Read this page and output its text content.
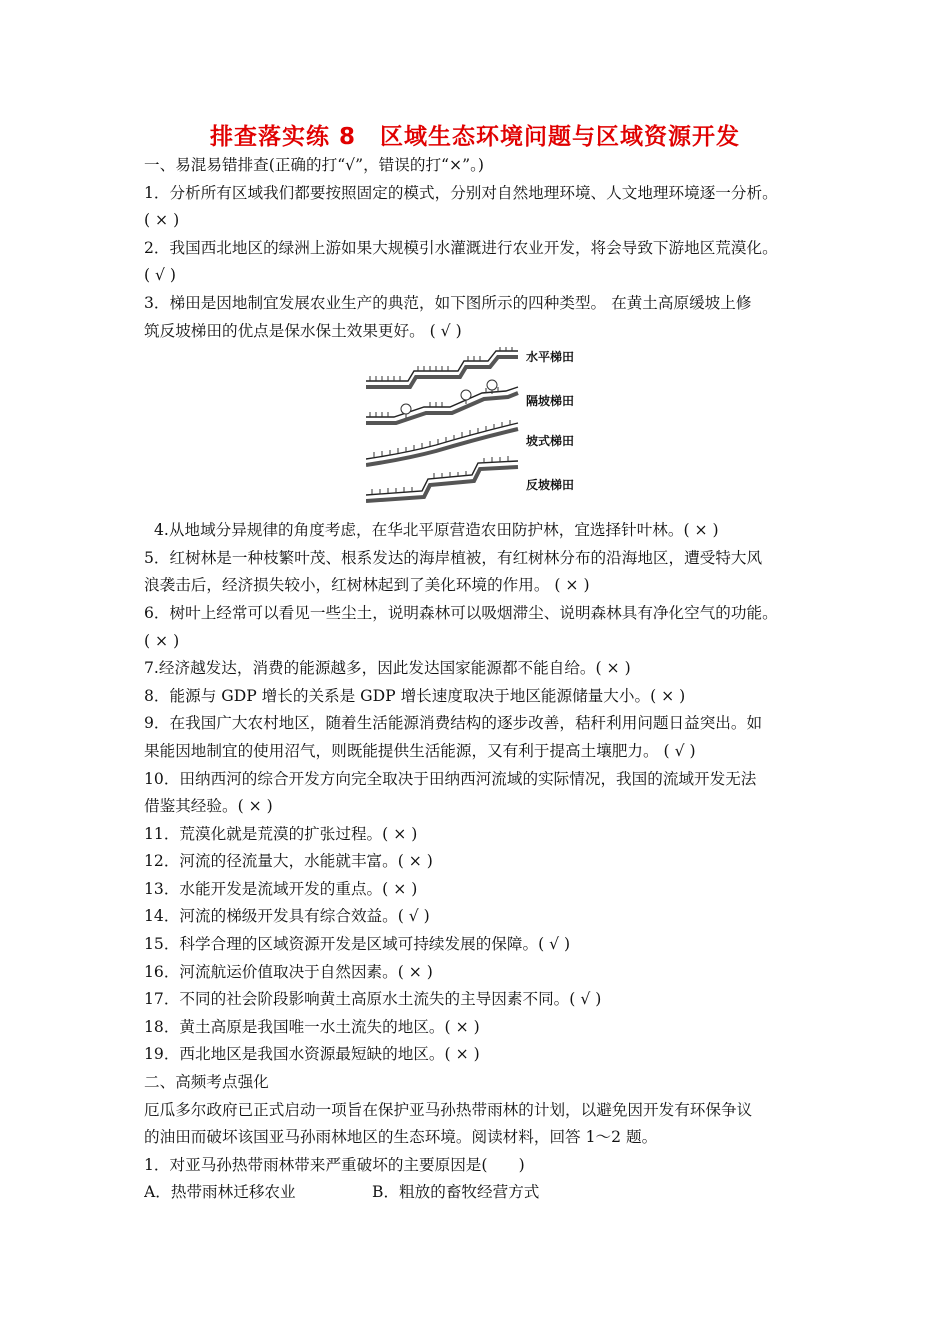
排查落实练 8　区域生态环境问题与区域资源开发
一、易混易错排查(正确的打“√”，错误的打“×”。)
1．分析所有区域我们都要按照固定的模式，分别对自然地理环境、人文地理环境逐一分析。
( × )
2．我国西北地区的绿洲上游如果大规模引水灌溉进行农业开发，将会导致下游地区荒漠化。
( √ )
3．梯田是因地制宜发展农业生产的典范，如下图所示的四种类型。 在黄土高原缓坡上修
筑反坡梯田的优点是保水保土效果更好。 ( √ )
水平梯田
隔坡梯田
坡式梯田
反坡梯田
4.从地域分异规律的角度考虑，在华北平原营造农田防护林，宜选择针叶林。( × )
5．红树林是一种枝繁叶茂、根系发达的海岸植被，有红树林分布的沿海地区，遭受特大风
浪袭击后，经济损失较小，红树林起到了美化环境的作用。 ( × )
6．树叶上经常可以看见一些尘土，说明森林可以吸烟滞尘、说明森林具有净化空气的功能。
( × )
7.经济越发达，消费的能源越多，因此发达国家能源都不能自给。( × )
8．能源与 GDP 增长的关系是 GDP 增长速度取决于地区能源储量大小。( × )
9．在我国广大农村地区，随着生活能源消费结构的逐步改善，秸秆利用问题日益突出。如
果能因地制宜的使用沼气，则既能提供生活能源，又有利于提高土壤肥力。 ( √ )
10．田纳西河的综合开发方向完全取决于田纳西河流域的实际情况，我国的流域开发无法
借鉴其经验。( × )
11．荒漠化就是荒漠的扩张过程。( × )
12．河流的径流量大，水能就丰富。( × )
13．水能开发是流域开发的重点。( × )
14．河流的梯级开发具有综合效益。( √ )
15．科学合理的区域资源开发是区域可持续发展的保障。( √ )
16．河流航运价值取决于自然因素。( × )
17．不同的社会阶段影响黄土高原水土流失的主导因素不同。( √ )
18．黄土高原是我国唯一水土流失的地区。( × )
19．西北地区是我国水资源最短缺的地区。( × )
二、高频考点强化
厄瓜多尔政府已正式启动一项旨在保护亚马孙热带雨林的计划，以避免因开发有环保争议
的油田而破坏该国亚马孙雨林地区的生态环境。阅读材料，回答 1～2 题。
1．对亚马孙热带雨林带来严重破坏的主要原因是(　　)
A．热带雨林迁移农业	B．粗放的畜牧经营方式
